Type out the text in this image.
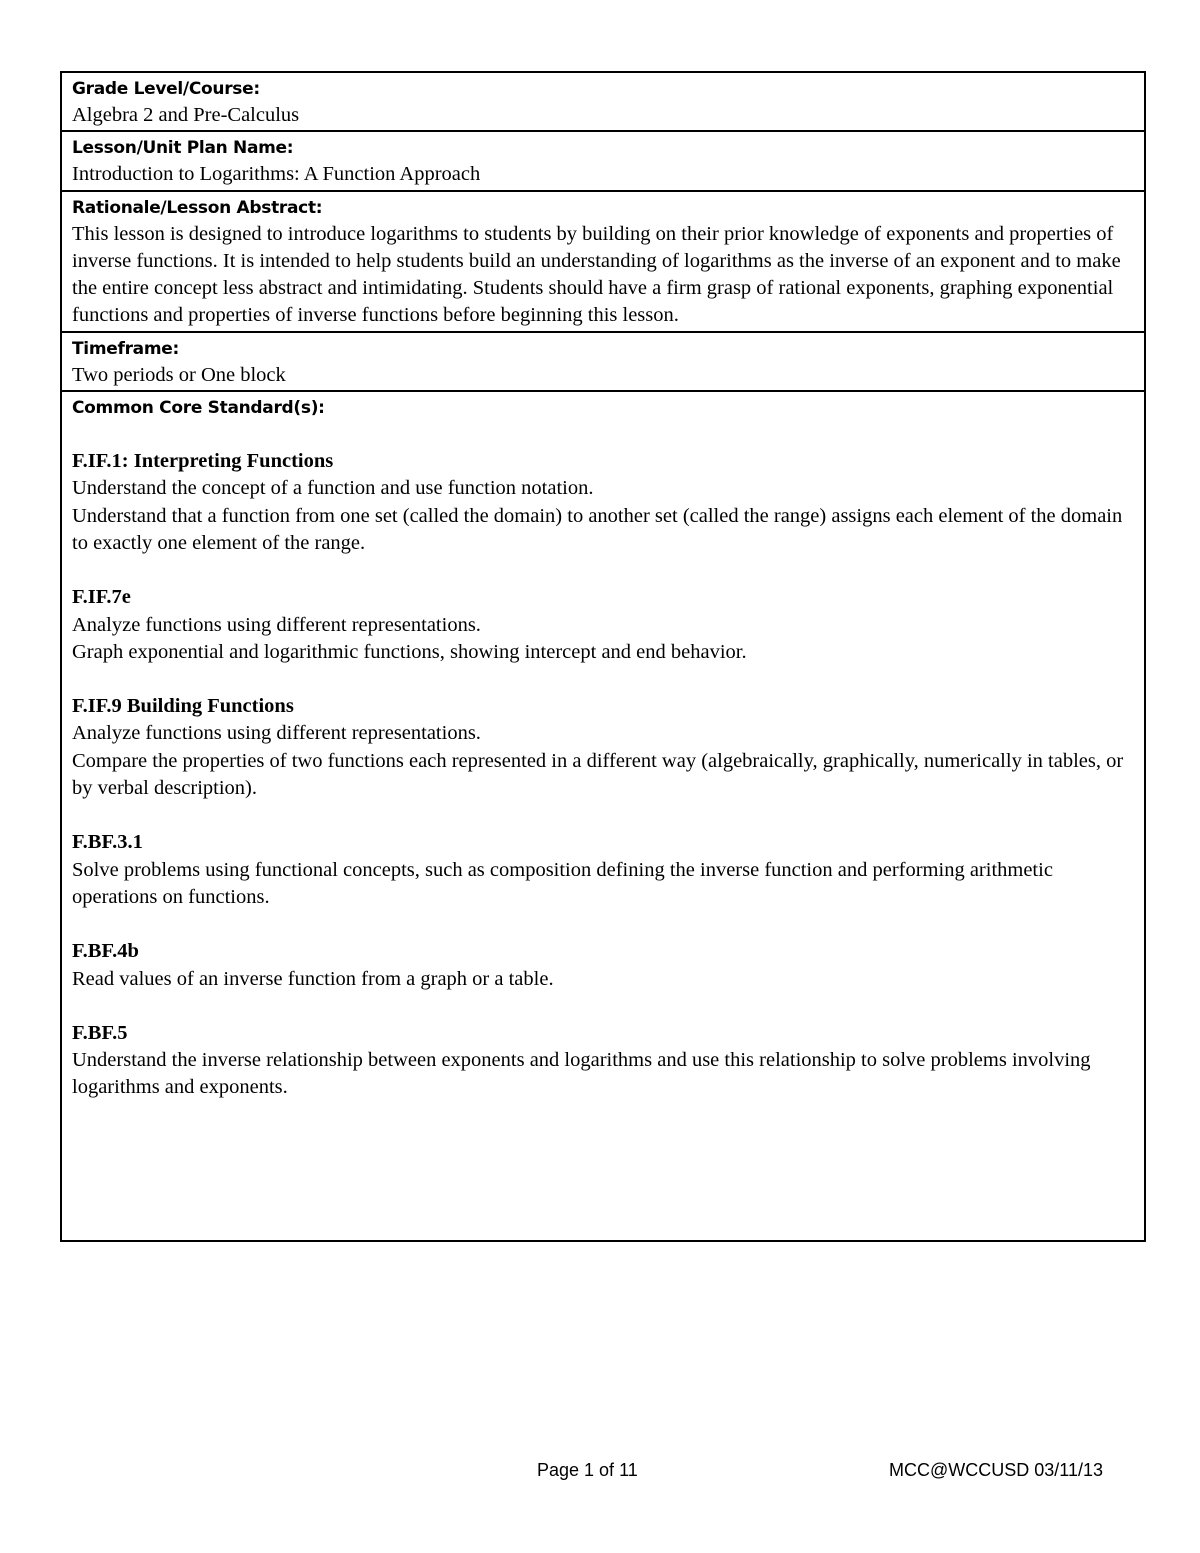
Grade Level/Course:
Algebra 2 and Pre-Calculus
Lesson/Unit Plan Name:
Introduction to Logarithms: A Function Approach
Rationale/Lesson Abstract:
This lesson is designed to introduce logarithms to students by building on their prior knowledge of exponents and properties of inverse functions. It is intended to help students build an understanding of logarithms as the inverse of an exponent and to make the entire concept less abstract and intimidating. Students should have a firm grasp of rational exponents, graphing exponential functions and properties of inverse functions before beginning this lesson.
Timeframe:
Two periods or One block
Common Core Standard(s):
F.IF.1: Interpreting Functions
Understand the concept of a function and use function notation.
Understand that a function from one set (called the domain) to another set (called the range) assigns each element of the domain to exactly one element of the range.
F.IF.7e
Analyze functions using different representations.
Graph exponential and logarithmic functions, showing intercept and end behavior.
F.IF.9 Building Functions
Analyze functions using different representations.
Compare the properties of two functions each represented in a different way (algebraically, graphically, numerically in tables, or by verbal description).
F.BF.3.1
Solve problems using functional concepts, such as composition defining the inverse function and performing arithmetic operations on functions.
F.BF.4b
Read values of an inverse function from a graph or a table.
F.BF.5
Understand the inverse relationship between exponents and logarithms and use this relationship to solve problems involving logarithms and exponents.
Page 1 of 11	MCC@WCCUSD 03/11/13
